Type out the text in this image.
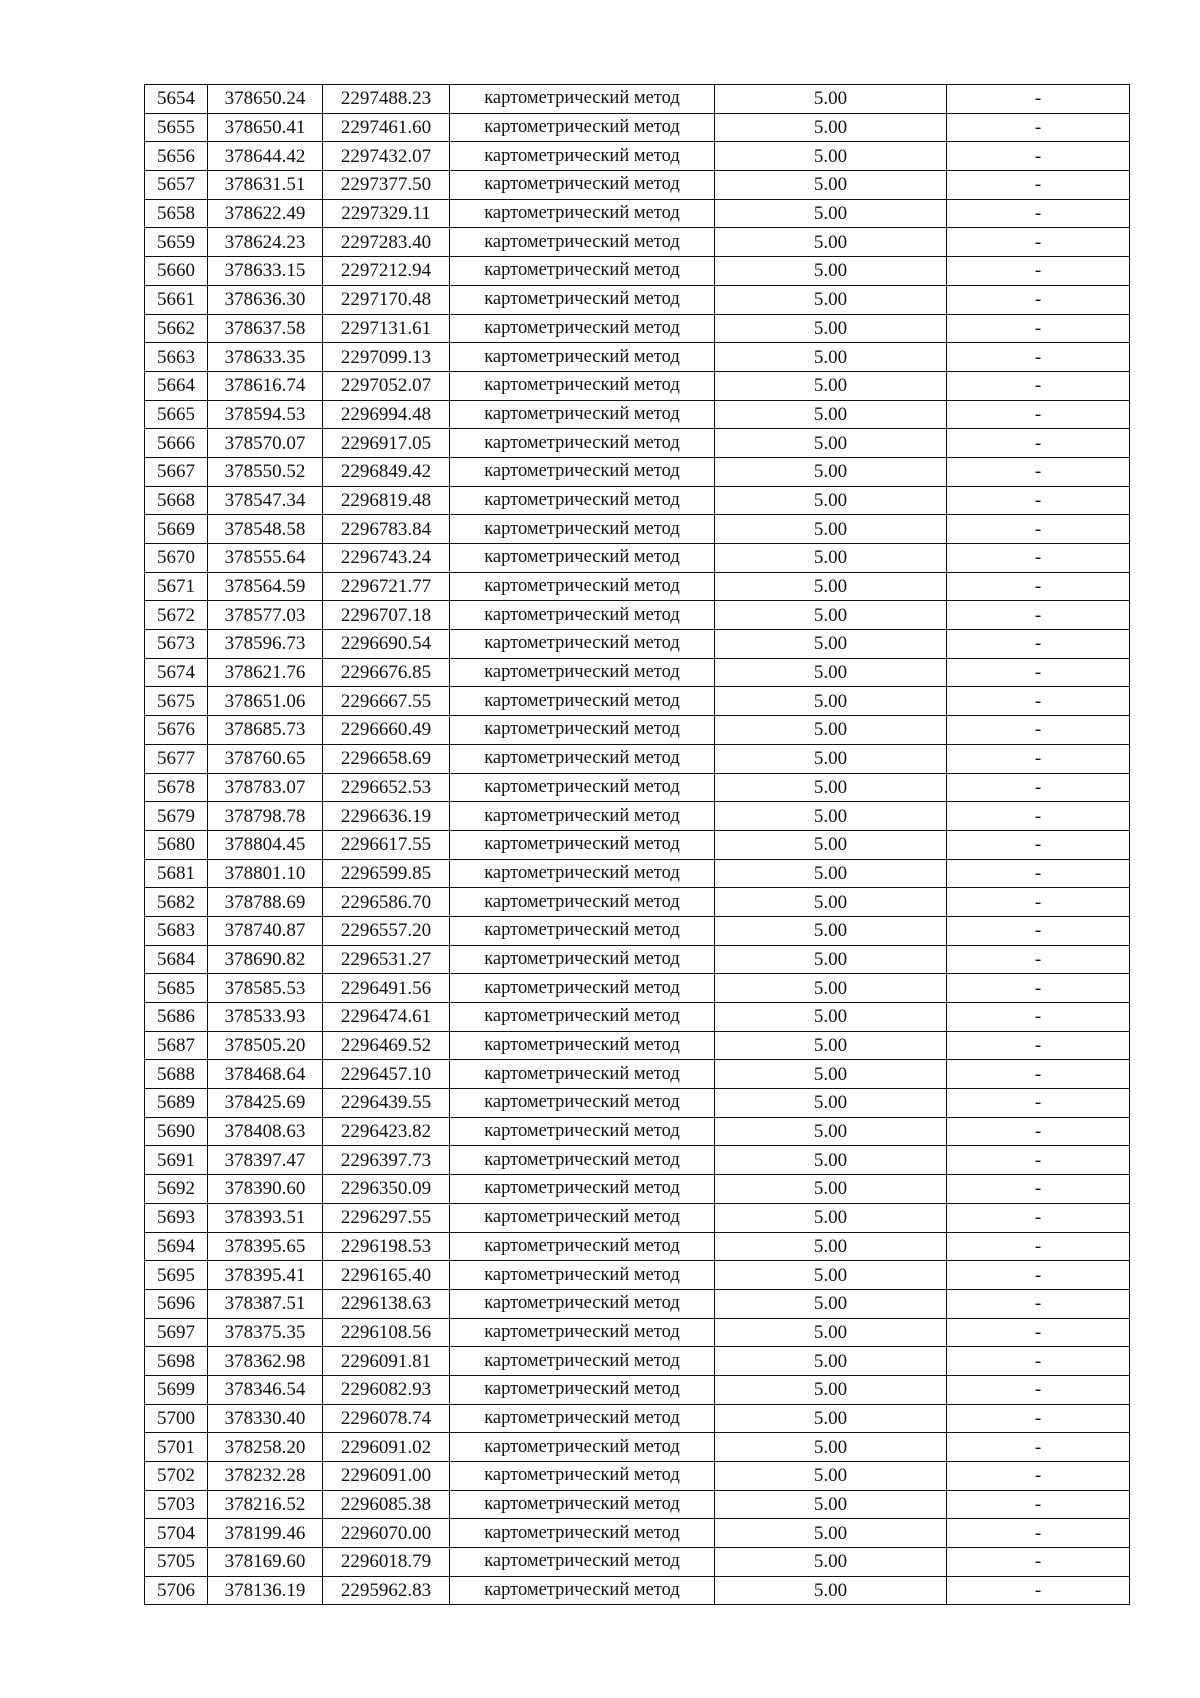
5654	378650.24	2297488.23	картометрический метод	5.00	-
5655	378650.41	2297461.60	картометрический метод	5.00	-
5656	378644.42	2297432.07	картометрический метод	5.00	-
5657	378631.51	2297377.50	картометрический метод	5.00	-
5658	378622.49	2297329.11	картометрический метод	5.00	-
5659	378624.23	2297283.40	картометрический метод	5.00	-
5660	378633.15	2297212.94	картометрический метод	5.00	-
5661	378636.30	2297170.48	картометрический метод	5.00	-
5662	378637.58	2297131.61	картометрический метод	5.00	-
5663	378633.35	2297099.13	картометрический метод	5.00	-
5664	378616.74	2297052.07	картометрический метод	5.00	-
5665	378594.53	2296994.48	картометрический метод	5.00	-
5666	378570.07	2296917.05	картометрический метод	5.00	-
5667	378550.52	2296849.42	картометрический метод	5.00	-
5668	378547.34	2296819.48	картометрический метод	5.00	-
5669	378548.58	2296783.84	картометрический метод	5.00	-
5670	378555.64	2296743.24	картометрический метод	5.00	-
5671	378564.59	2296721.77	картометрический метод	5.00	-
5672	378577.03	2296707.18	картометрический метод	5.00	-
5673	378596.73	2296690.54	картометрический метод	5.00	-
5674	378621.76	2296676.85	картометрический метод	5.00	-
5675	378651.06	2296667.55	картометрический метод	5.00	-
5676	378685.73	2296660.49	картометрический метод	5.00	-
5677	378760.65	2296658.69	картометрический метод	5.00	-
5678	378783.07	2296652.53	картометрический метод	5.00	-
5679	378798.78	2296636.19	картометрический метод	5.00	-
5680	378804.45	2296617.55	картометрический метод	5.00	-
5681	378801.10	2296599.85	картометрический метод	5.00	-
5682	378788.69	2296586.70	картометрический метод	5.00	-
5683	378740.87	2296557.20	картометрический метод	5.00	-
5684	378690.82	2296531.27	картометрический метод	5.00	-
5685	378585.53	2296491.56	картометрический метод	5.00	-
5686	378533.93	2296474.61	картометрический метод	5.00	-
5687	378505.20	2296469.52	картометрический метод	5.00	-
5688	378468.64	2296457.10	картометрический метод	5.00	-
5689	378425.69	2296439.55	картометрический метод	5.00	-
5690	378408.63	2296423.82	картометрический метод	5.00	-
5691	378397.47	2296397.73	картометрический метод	5.00	-
5692	378390.60	2296350.09	картометрический метод	5.00	-
5693	378393.51	2296297.55	картометрический метод	5.00	-
5694	378395.65	2296198.53	картометрический метод	5.00	-
5695	378395.41	2296165.40	картометрический метод	5.00	-
5696	378387.51	2296138.63	картометрический метод	5.00	-
5697	378375.35	2296108.56	картометрический метод	5.00	-
5698	378362.98	2296091.81	картометрический метод	5.00	-
5699	378346.54	2296082.93	картометрический метод	5.00	-
5700	378330.40	2296078.74	картометрический метод	5.00	-
5701	378258.20	2296091.02	картометрический метод	5.00	-
5702	378232.28	2296091.00	картометрический метод	5.00	-
5703	378216.52	2296085.38	картометрический метод	5.00	-
5704	378199.46	2296070.00	картометрический метод	5.00	-
5705	378169.60	2296018.79	картометрический метод	5.00	-
5706	378136.19	2295962.83	картометрический метод	5.00	-
